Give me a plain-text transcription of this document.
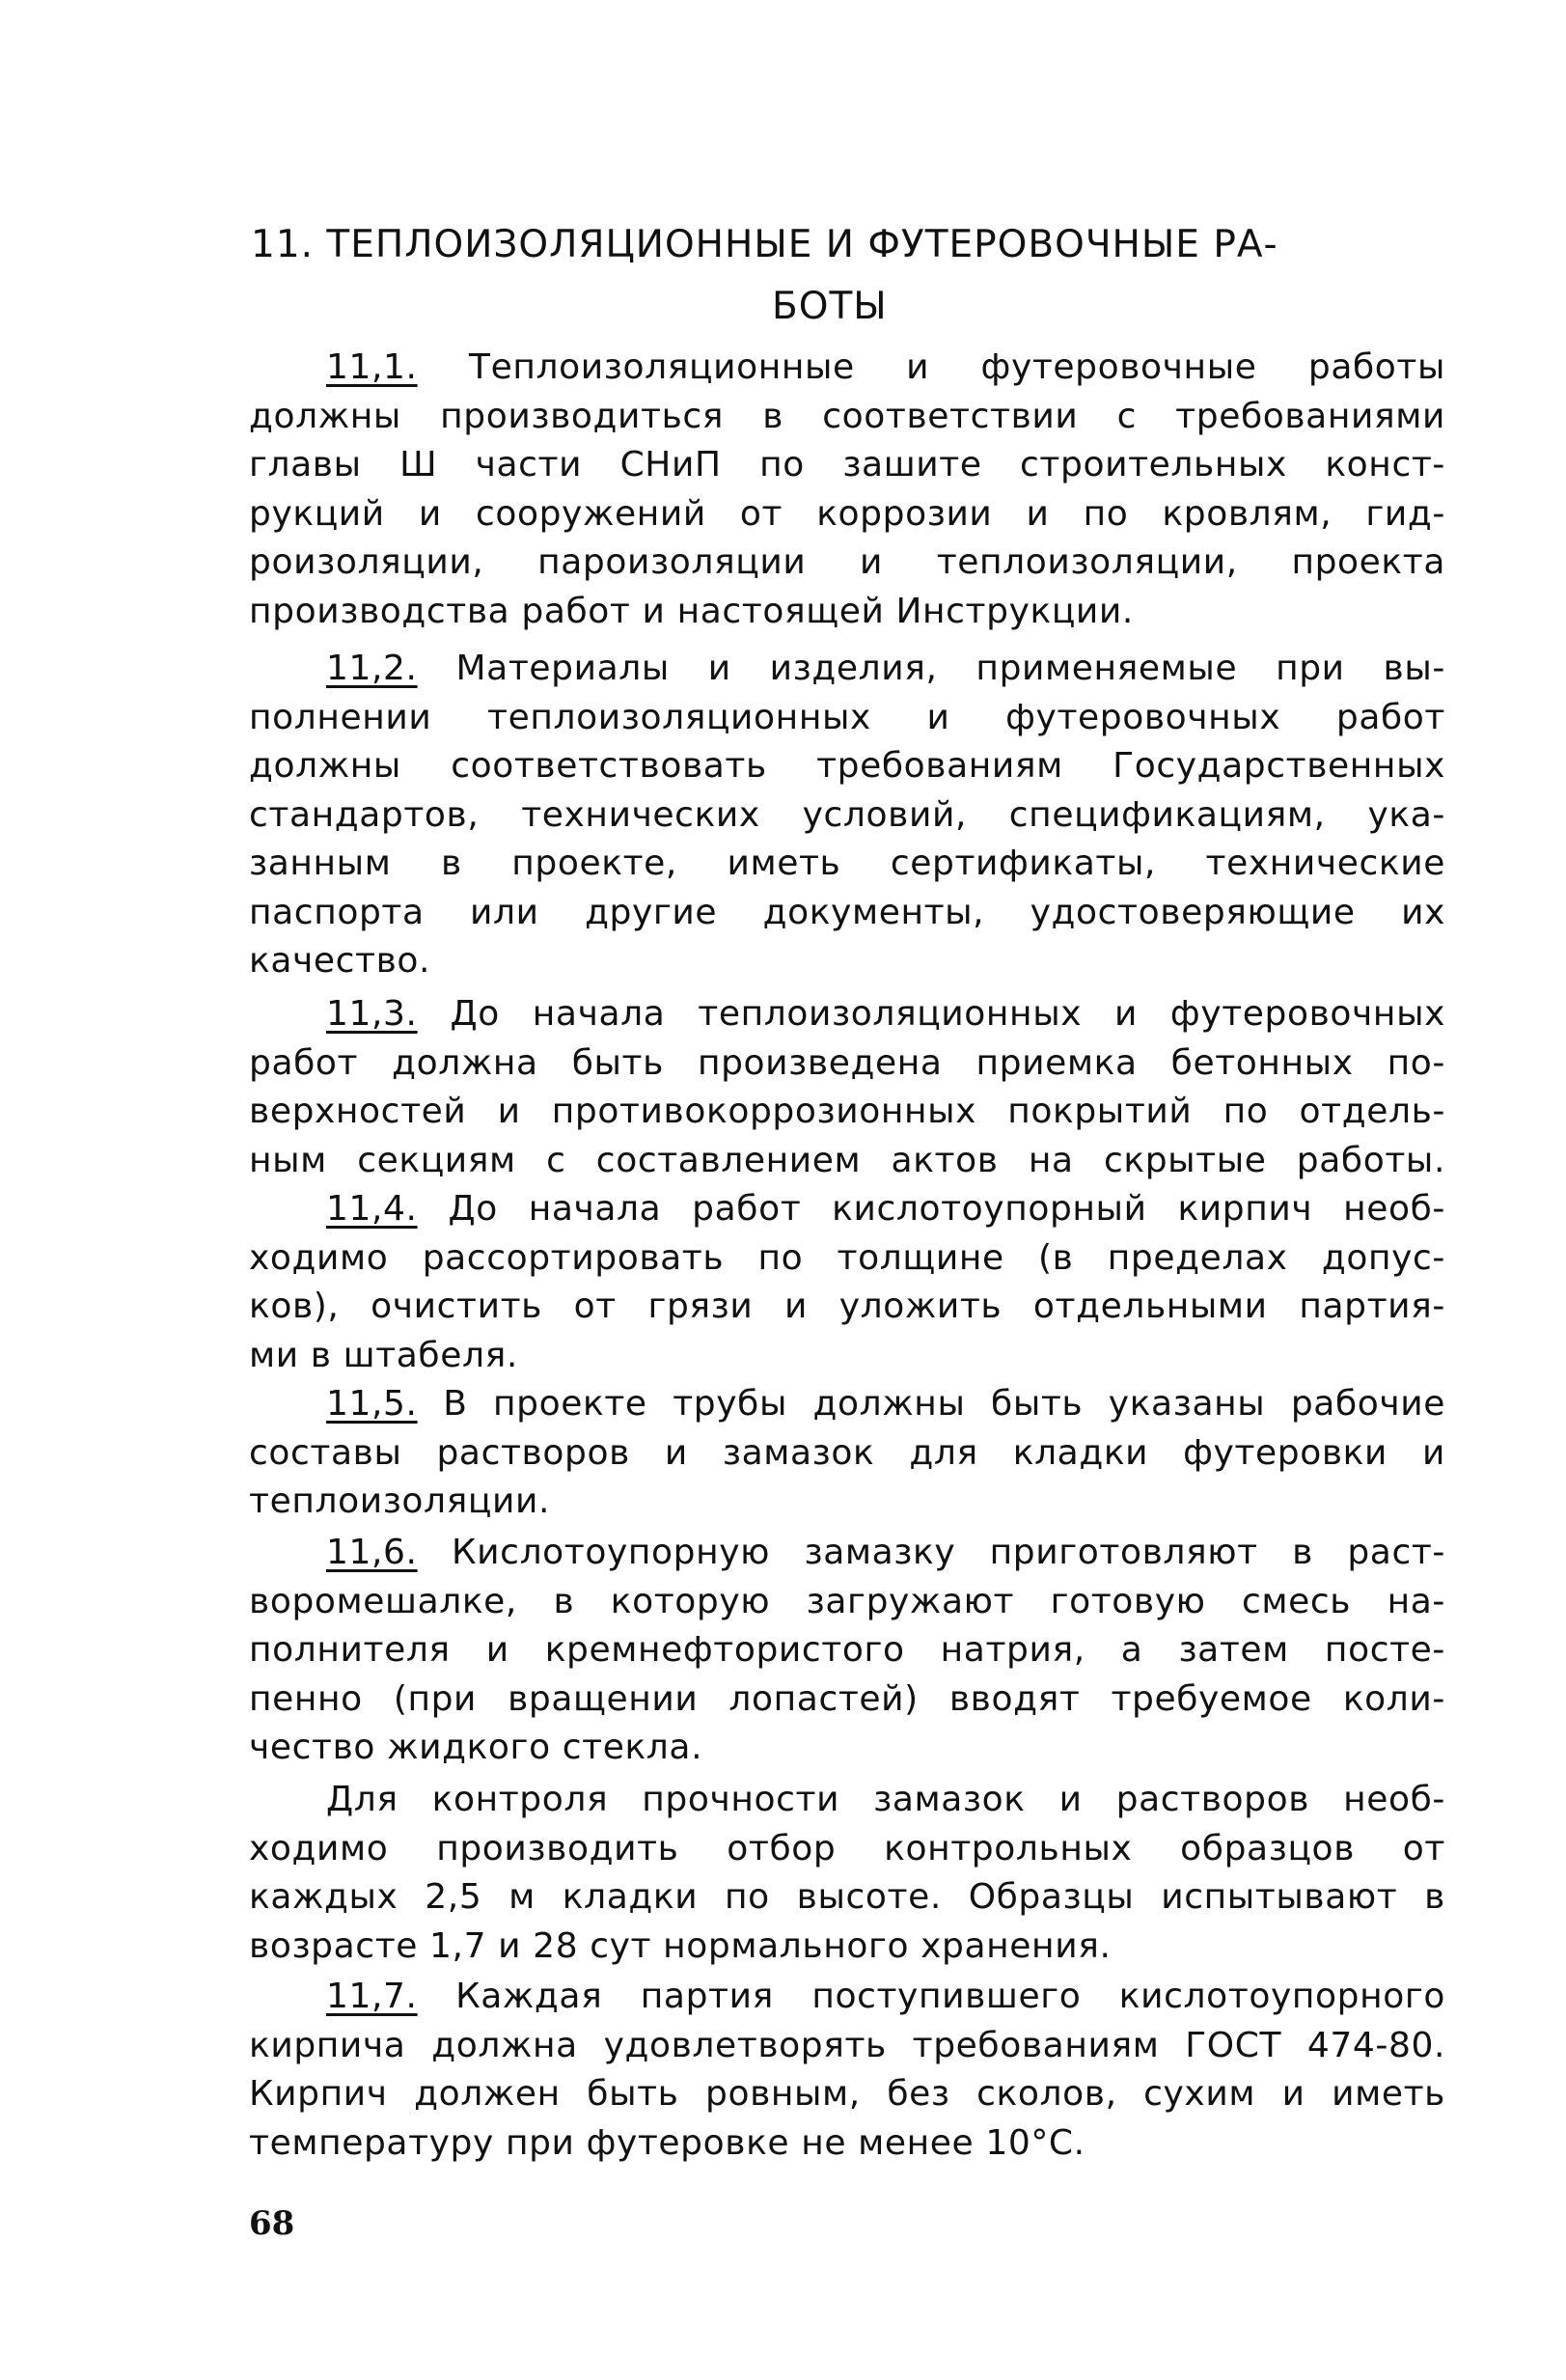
11. ТЕПЛОИЗОЛЯЦИОННЫЕ И ФУТЕРОВОЧНЫЕ РА-
БОТЫ
11,1. Теплоизоляционные и футеровочные работы
должны производиться в соответствии с требованиями
главы Ш части СНиП по зашите строительных конст-
рукций и сооружений от коррозии и по кровлям, гид-
роизоляции, пароизоляции и теплоизоляции, проекта
производства работ и настоящей Инструкции.
11,2. Материалы и изделия, применяемые при вы-
полнении теплоизоляционных и футеровочных работ
должны соответствовать требованиям Государственных
стандартов, технических условий, спецификациям, ука-
занным в проекте, иметь сертификаты, технические
паспорта или другие документы, удостоверяющие их
качество.
11,3. До начала теплоизоляционных и футеровочных
работ должна быть произведена приемка бетонных по-
верхностей и противокоррозионных покрытий по отдель-
ным секциям с составлением актов на скрытые работы.
11,4. До начала работ кислотоупорный кирпич необ-
ходимо рассортировать по толщине (в пределах допус-
ков), очистить от грязи и уложить отдельными партия-
ми в штабеля.
11,5. В проекте трубы должны быть указаны рабочие
составы растворов и замазок для кладки футеровки и
теплоизоляции.
11,6. Кислотоупорную замазку приготовляют в раст-
воромешалке, в которую загружают готовую смесь на-
полнителя и кремнефтористого натрия, а затем посте-
пенно (при вращении лопастей) вводят требуемое коли-
чество жидкого стекла.
Для контроля прочности замазок и растворов необ-
ходимо производить отбор контрольных образцов от
каждых 2,5 м кладки по высоте. Образцы испытывают в
возрасте 1,7 и 28 сут нормального хранения.
11,7. Каждая партия поступившего кислотоупорного
кирпича должна удовлетворять требованиям ГОСТ 474-80.
Кирпич должен быть ровным, без сколов, сухим и иметь
температуру при футеровке не менее 10°С.
68
